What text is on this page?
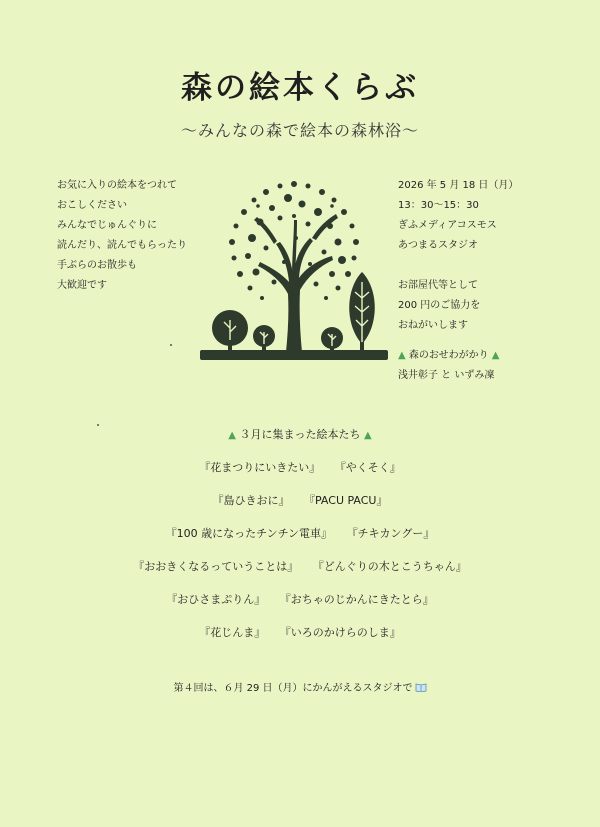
森の絵本くらぶ
～みんなの森で絵本の森林浴～
お気に入りの絵本をつれて
おこしください
みんなでじゅんぐりに
読んだり、読んでもらったり
手ぶらのお散歩も
大歓迎です
2026 年 5 月 18 日（月）
13：30～15：30
ぎふメディアコスモス
あつまるスタジオ
お部屋代等として
200 円のご協力を
おねがいします
▲ 森のおせわがかり ▲
浅井彰子 と いずみ凜
▲ ３月に集まった絵本たち ▲
『花まつりにいきたい』 『やくそく』
『島ひきおに』 『PACU PACU』
『100 歳になったチンチン電車』 『チキカングー』
『おおきくなるっていうことは』 『どんぐりの木とこうちゃん』
『おひさまぷりん』 『おちゃのじかんにきたとら』
『花じんま』 『いろのかけらのしま』
第４回は、６月 29 日（月）にかんがえるスタジオで
